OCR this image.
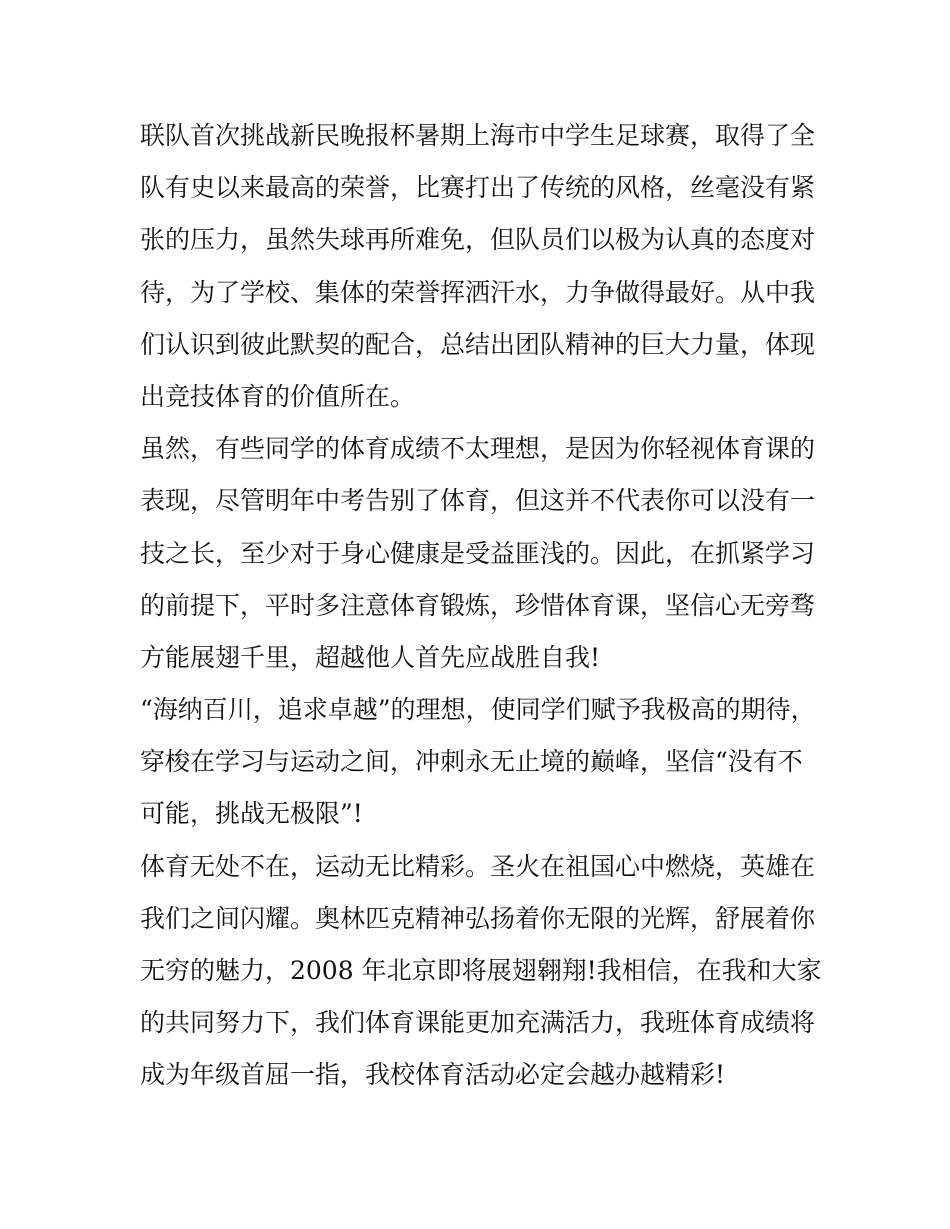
联队首次挑战新民晚报杯暑期上海市中学生足球赛，取得了全
队有史以来最高的荣誉，比赛打出了传统的风格，丝毫没有紧
张的压力，虽然失球再所难免，但队员们以极为认真的态度对
待，为了学校、集体的荣誉挥洒汗水，力争做得最好。从中我
们认识到彼此默契的配合，总结出团队精神的巨大力量，体现
出竞技体育的价值所在。
虽然，有些同学的体育成绩不太理想，是因为你轻视体育课的
表现，尽管明年中考告别了体育，但这并不代表你可以没有一
技之长，至少对于身心健康是受益匪浅的。因此，在抓紧学习
的前提下，平时多注意体育锻炼，珍惜体育课，坚信心无旁骛
方能展翅千里，超越他人首先应战胜自我!
“海纳百川，追求卓越”的理想，使同学们赋予我极高的期待，
穿梭在学习与运动之间，冲刺永无止境的巅峰，坚信“没有不
可能，挑战无极限”!
体育无处不在，运动无比精彩。圣火在祖国心中燃烧，英雄在
我们之间闪耀。奥林匹克精神弘扬着你无限的光辉，舒展着你
无穷的魅力，2008 年北京即将展翅翱翔!我相信，在我和大家
的共同努力下，我们体育课能更加充满活力，我班体育成绩将
成为年级首屈一指，我校体育活动必定会越办越精彩!
